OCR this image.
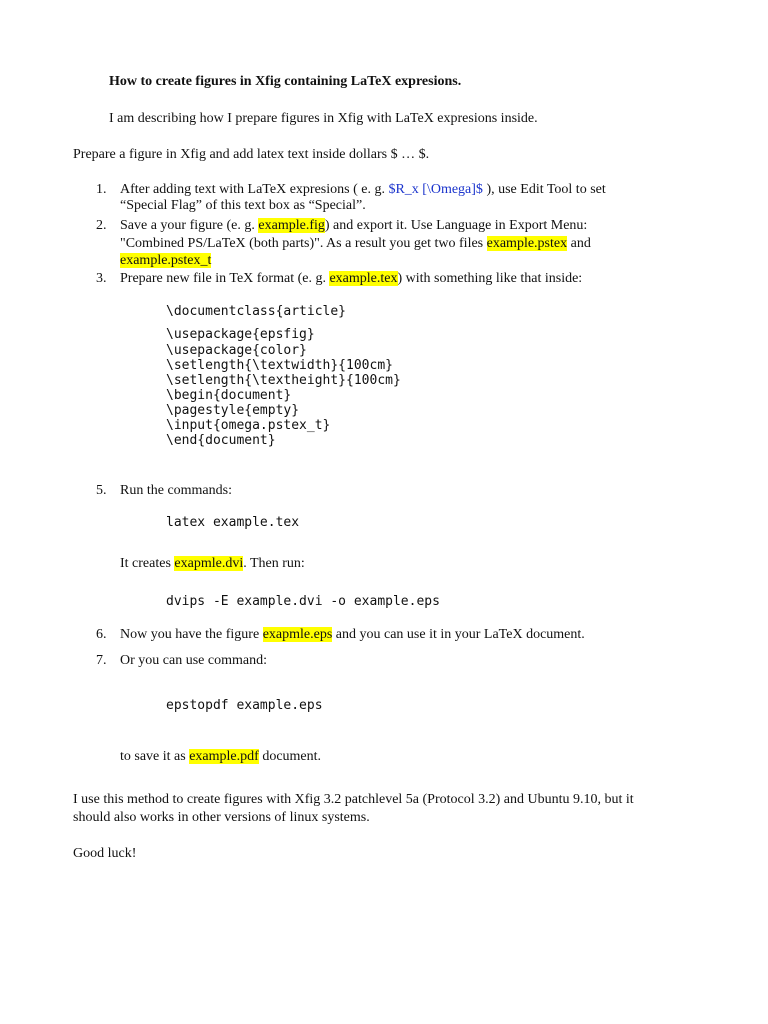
How to create figures in Xfig containing LaTeX expresions.
I am describing how I prepare figures in Xfig with LaTeX expresions inside.
Prepare a figure in Xfig and add latex text inside dollars $ … $.
1. After adding text with LaTeX expresions ( e. g. $R_x [\Omega]$ ), use Edit Tool to set
“Special Flag” of this text box as “Special”.
2. Save a your figure (e. g. example.fig) and export it. Use Language in Export Menu:
"Combined PS/LaTeX (both parts)". As a result you get two files example.pstex and
example.pstex_t
3. Prepare new file in TeX format (e. g. example.tex) with something like that inside:
\documentclass{article}
\usepackage{epsfig}
\usepackage{color}
\setlength{\textwidth}{100cm}
\setlength{\textheight}{100cm}
\begin{document}
\pagestyle{empty}
\input{omega.pstex_t}
\end{document}
5. Run the commands:
latex example.tex
It creates exapmle.dvi. Then run:
dvips -E example.dvi -o example.eps
6. Now you have the figure exapmle.eps and you can use it in your LaTeX document.
7. Or you can use command:
epstopdf example.eps
to save it as example.pdf document.
I use this method to create figures with Xfig 3.2 patchlevel 5a (Protocol 3.2) and Ubuntu 9.10, but it
should also works in other versions of linux systems.
Good luck!
